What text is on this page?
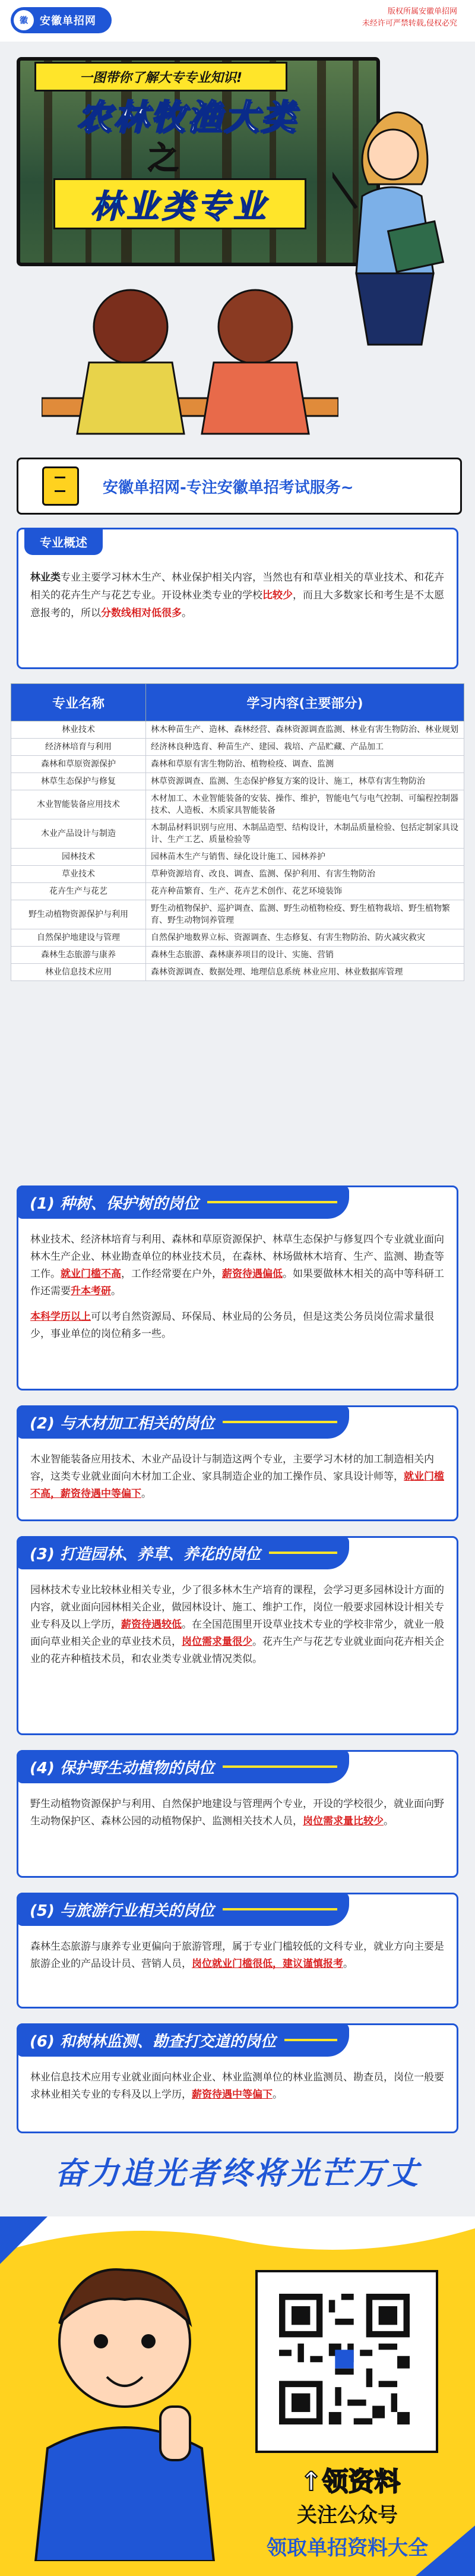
徽	安徽单招网
版权所属安徽单招网
未经许可严禁转载,侵权必究
一图带你了解大专专业知识!
农林牧渔大类
之
林业类专业
安徽单招网-专注安徽单招考试服务~
专业概述
林业类专业主要学习林木生产、林业保护相关内容，当然也有和草业相关的草业技术、和花卉相关的花卉生产与花艺专业。开设林业类专业的学校比较少，而且大多数家长和考生是不太愿意报考的，所以分数线相对低很多。
专业名称	学习内容(主要部分)
林业技术	林木种苗生产、造林、森林经营、森林资源调查监测、林业有害生物防治、林业规划
经济林培育与利用	经济林良种选育、种苗生产、建园、栽培、产品贮藏、产品加工
森林和草原资源保护	森林和草原有害生物防治、植物检疫、调查、监测
林草生态保护与修复	林草资源调查、监测、生态保护修复方案的设计、施工，林草有害生物防治
木业智能装备应用技术	木材加工、木业智能装备的安装、操作、维护，智能电气与电气控制、可编程控制器技术、人造板、木质家具智能装备
木业产品设计与制造	木制品材料识别与应用、木制品造型、结构设计，木制品质量检验、包括定制家具设计、生产工艺、质量检验等
园林技术	园林苗木生产与销售、绿化设计施工、园林养护
草业技术	草种资源培育、改良、调查、监测、保护利用、有害生物防治
花卉生产与花艺	花卉种苗繁育、生产、花卉艺术创作、花艺环境装饰
野生动植物资源保护与利用	野生动植物保护、巡护调查、监测、野生动植物检疫、野生植物栽培、野生植物繁育、野生动物饲养管理
自然保护地建设与管理	自然保护地数界立标、资源调查、生态修复、有害生物防治、防火减灾救灾
森林生态旅游与康养	森林生态旅游、森林康养项目的设计、实施、营销
林业信息技术应用	森林资源调查、数据处理、地理信息系统 林业应用、林业数据库管理
(1) 种树、保护树的岗位
林业技术、经济林培育与利用、森林和草原资源保护、林草生态保护与修复四个专业就业面向林木生产企业、林业勘查单位的林业技术员，在森林、林场做林木培育、生产、监测、勘查等工作。就业门槛不高，工作经常要在户外，薪资待遇偏低。如果要做林木相关的高中等科研工作还需要升本考研。
本科学历以上可以考自然资源局、环保局、林业局的公务员，但是这类公务员岗位需求量很少，事业单位的岗位稍多一些。
(2) 与木材加工相关的岗位
木业智能装备应用技术、木业产品设计与制造这两个专业，主要学习木材的加工制造相关内容，这类专业就业面向木材加工企业、家具制造企业的加工操作员、家具设计师等，就业门槛不高，薪资待遇中等偏下。
(3) 打造园林、养草、养花的岗位
园林技术专业比较林业相关专业，少了很多林木生产培育的课程，会学习更多园林设计方面的内容，就业面向园林相关企业，做园林设计、施工、维护工作，岗位一般要求园林设计相关专业专科及以上学历，薪资待遇较低。在全国范围里开设草业技术专业的学校非常少，就业一般面向草业相关企业的草业技术员，岗位需求量很少。花卉生产与花艺专业就业面向花卉相关企业的花卉种植技术员，和农业类专业就业情况类似。
(4) 保护野生动植物的岗位
野生动植物资源保护与利用、自然保护地建设与管理两个专业，开设的学校很少，就业面向野生动物保护区、森林公园的动植物保护、监测相关技术人员，岗位需求量比较少。
(5) 与旅游行业相关的岗位
森林生态旅游与康养专业更偏向于旅游管理，属于专业门槛较低的文科专业，就业方向主要是旅游企业的产品设计员、营销人员，岗位就业门槛很低，建议谨慎报考。
(6) 和树林监测、勘查打交道的岗位
林业信息技术应用专业就业面向林业企业、林业监测单位的林业监测员、勘查员，岗位一般要求林业相关专业的专科及以上学历，薪资待遇中等偏下。
奋力追光者终将光芒万丈
↑领资料
关注公众号
领取单招资料大全
